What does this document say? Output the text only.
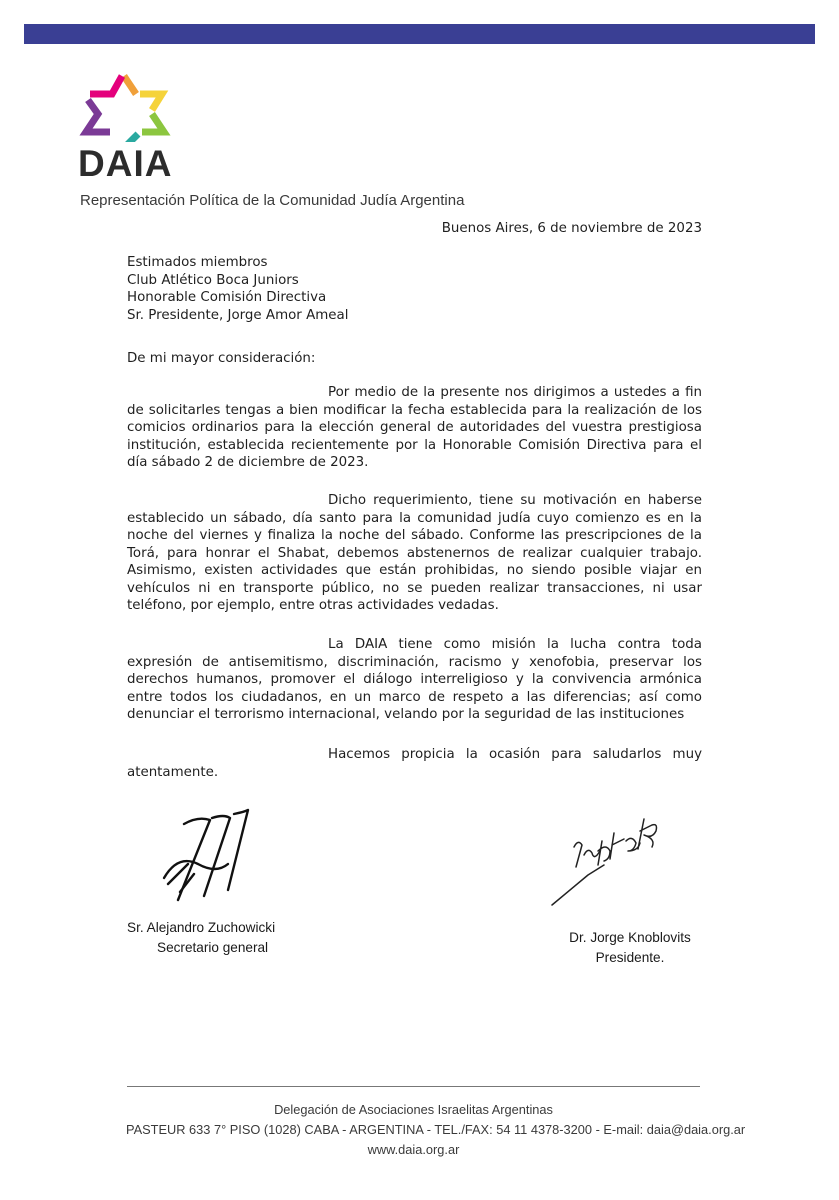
DAIA
Representación Política de la Comunidad Judía Argentina
Buenos Aires, 6 de noviembre de 2023
Estimados miembros
Club Atlético Boca Juniors
Honorable Comisión Directiva
Sr. Presidente, Jorge Amor Ameal
De mi mayor consideración:
Por medio de la presente nos dirigimos a ustedes a fin
de solicitarles tengas a bien modificar la fecha establecida para la realización de los
comicios ordinarios para la elección general de autoridades del vuestra prestigiosa
institución, establecida recientemente por la Honorable Comisión Directiva para el
día sábado 2 de diciembre de 2023.
Dicho requerimiento, tiene su motivación en haberse
establecido un sábado, día santo para la comunidad judía cuyo comienzo es en la
noche del viernes y finaliza la noche del sábado. Conforme las prescripciones de la
Torá, para honrar el Shabat, debemos abstenernos de realizar cualquier trabajo.
Asimismo, existen actividades que están prohibidas, no siendo posible viajar en
vehículos ni en transporte público, no se pueden realizar transacciones, ni usar
teléfono, por ejemplo, entre otras actividades vedadas.
La DAIA tiene como misión la lucha contra toda
expresión de antisemitismo, discriminación, racismo y xenofobia, preservar los
derechos humanos, promover el diálogo interreligioso y la convivencia armónica
entre todos los ciudadanos, en un marco de respeto a las diferencias; así como
denunciar el terrorismo internacional, velando por la seguridad de las instituciones
Hacemos propicia la ocasión para saludarlos muy
atentamente.
Sr. Alejandro Zuchowicki
Secretario general
Dr. Jorge Knoblovits
Presidente.
Delegación de Asociaciones Israelitas Argentinas
PASTEUR 633 7° PISO (1028) CABA - ARGENTINA - TEL./FAX: 54 11 4378-3200 - E-mail: daia@daia.org.ar
www.daia.org.ar
